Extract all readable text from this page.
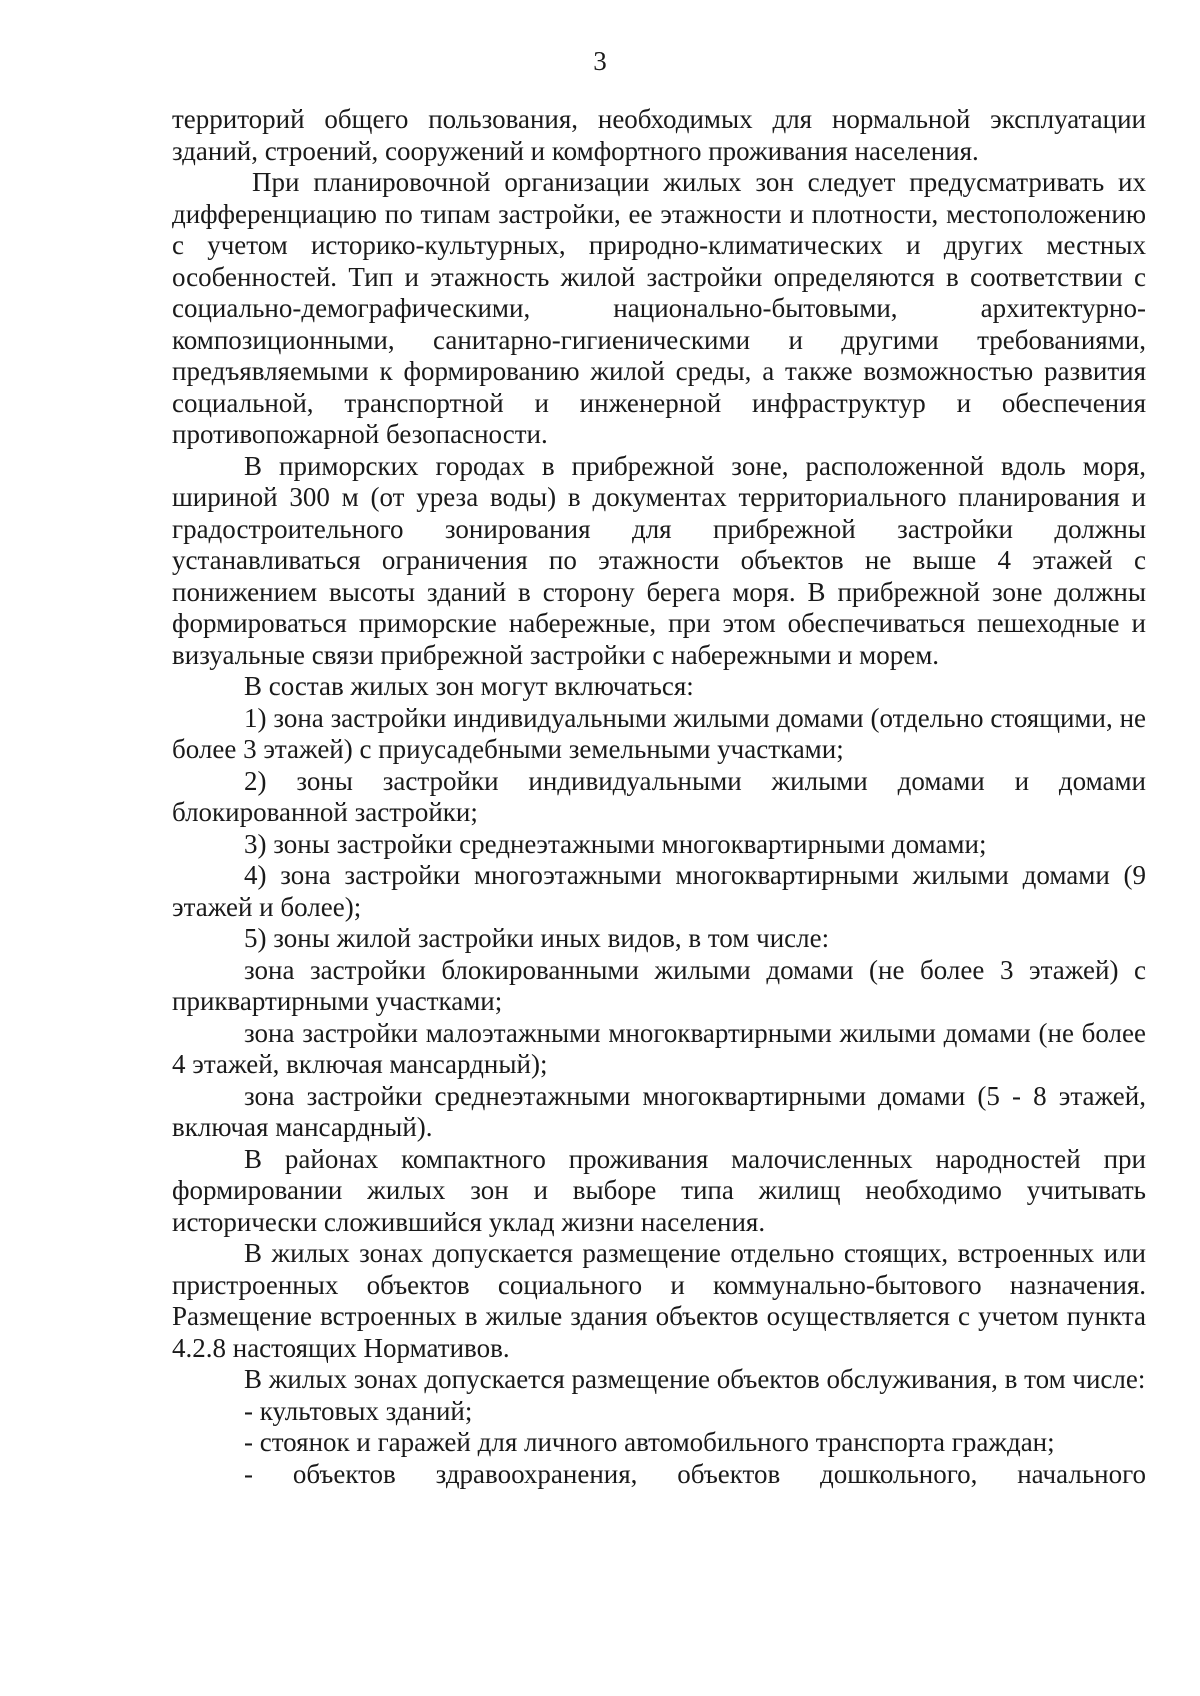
3

территорий общего пользования, необходимых для нормальной эксплуатации зданий, строений, сооружений и комфортного проживания населения.

При планировочной организации жилых зон следует предусматривать их дифференциацию по типам застройки, ее этажности и плотности, местоположению с учетом историко-культурных, природно-климатических и других местных особенностей. Тип и этажность жилой застройки определяются в соответствии с социально-демографическими, национально-бытовыми, архитектурно-композиционными, санитарно-гигиеническими и другими требованиями, предъявляемыми к формированию жилой среды, а также возможностью развития социальной, транспортной и инженерной инфраструктур и обеспечения противопожарной безопасности.

В приморских городах в прибрежной зоне, расположенной вдоль моря, шириной 300 м (от уреза воды) в документах территориального планирования и градостроительного зонирования для прибрежной застройки должны устанавливаться ограничения по этажности объектов не выше 4 этажей с понижением высоты зданий в сторону берега моря. В прибрежной зоне должны формироваться приморские набережные, при этом обеспечиваться пешеходные и визуальные связи прибрежной застройки с набережными и морем.

В состав жилых зон могут включаться:

1) зона застройки индивидуальными жилыми домами (отдельно стоящими, не более 3 этажей) с приусадебными земельными участками;

2) зоны застройки индивидуальными жилыми домами и домами блокированной застройки;

3) зоны застройки среднеэтажными многоквартирными домами;

4) зона застройки многоэтажными многоквартирными жилыми домами (9 этажей и более);

5) зоны жилой застройки иных видов, в том числе:

зона застройки блокированными жилыми домами (не более 3 этажей) с приквартирными участками;

зона застройки малоэтажными многоквартирными жилыми домами (не более 4 этажей, включая мансардный);

зона застройки среднеэтажными многоквартирными домами (5 - 8 этажей, включая мансардный).

В районах компактного проживания малочисленных народностей при формировании жилых зон и выборе типа жилищ необходимо учитывать исторически сложившийся уклад жизни населения.

В жилых зонах допускается размещение отдельно стоящих, встроенных или пристроенных объектов социального и коммунально-бытового назначения. Размещение встроенных в жилые здания объектов осуществляется с учетом пункта 4.2.8 настоящих Нормативов.

В жилых зонах допускается размещение объектов обслуживания, в том числе:

- культовых зданий;

- стоянок и гаражей для личного автомобильного транспорта граждан;

- объектов здравоохранения, объектов дошкольного, начального
